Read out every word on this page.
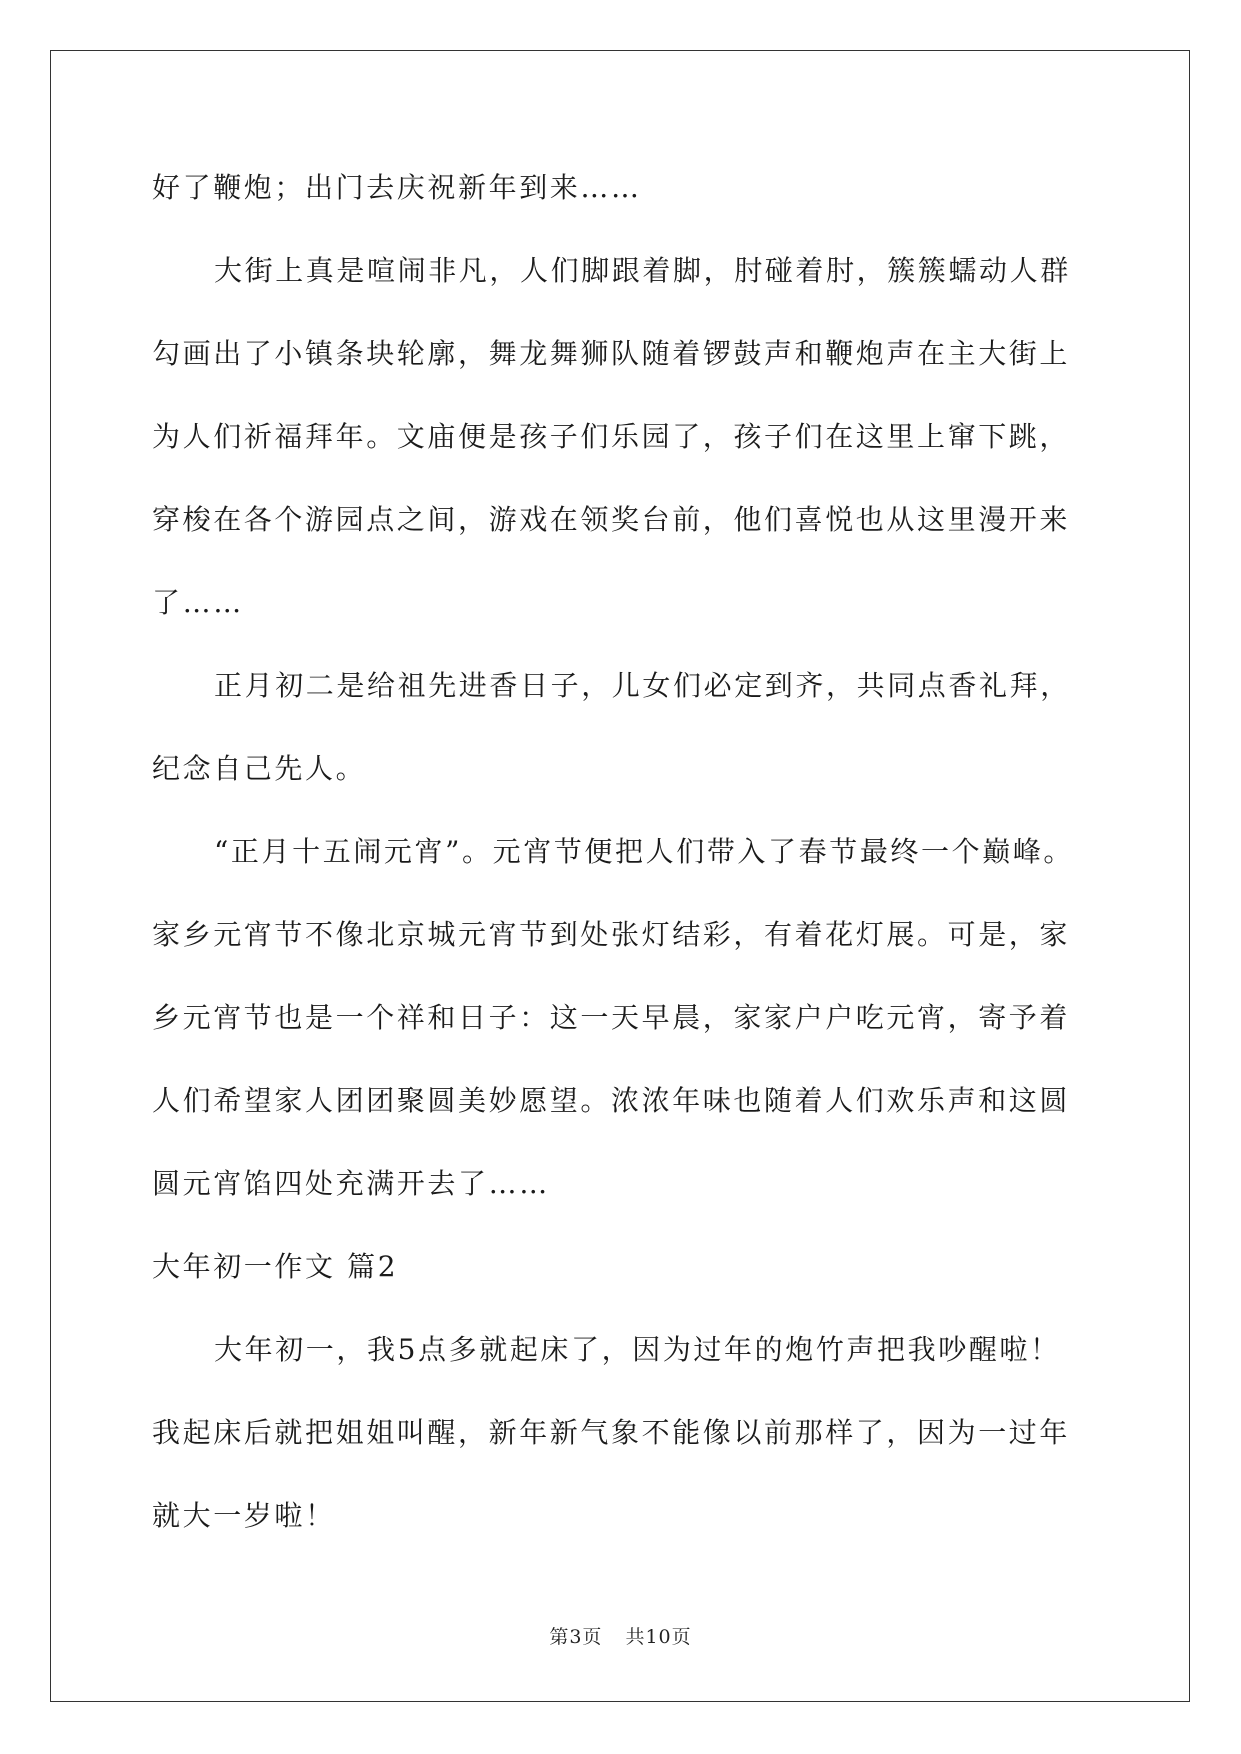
好了鞭炮；出门去庆祝新年到来……
大街上真是喧闹非凡，人们脚跟着脚，肘碰着肘，簇簇蠕动人群
勾画出了小镇条块轮廓，舞龙舞狮队随着锣鼓声和鞭炮声在主大街上
为人们祈福拜年。文庙便是孩子们乐园了，孩子们在这里上窜下跳，
穿梭在各个游园点之间，游戏在领奖台前，他们喜悦也从这里漫开来
了……
正月初二是给祖先进香日子，儿女们必定到齐，共同点香礼拜，
纪念自己先人。
“正月十五闹元宵”。元宵节便把人们带入了春节最终一个巅峰。
家乡元宵节不像北京城元宵节到处张灯结彩，有着花灯展。可是，家
乡元宵节也是一个祥和日子：这一天早晨，家家户户吃元宵，寄予着
人们希望家人团团聚圆美妙愿望。浓浓年味也随着人们欢乐声和这圆
圆元宵馅四处充满开去了……
大年初一作文 篇2
大年初一，我5点多就起床了，因为过年的炮竹声把我吵醒啦！
我起床后就把姐姐叫醒，新年新气象不能像以前那样了，因为一过年
就大一岁啦！
第3页 共10页
